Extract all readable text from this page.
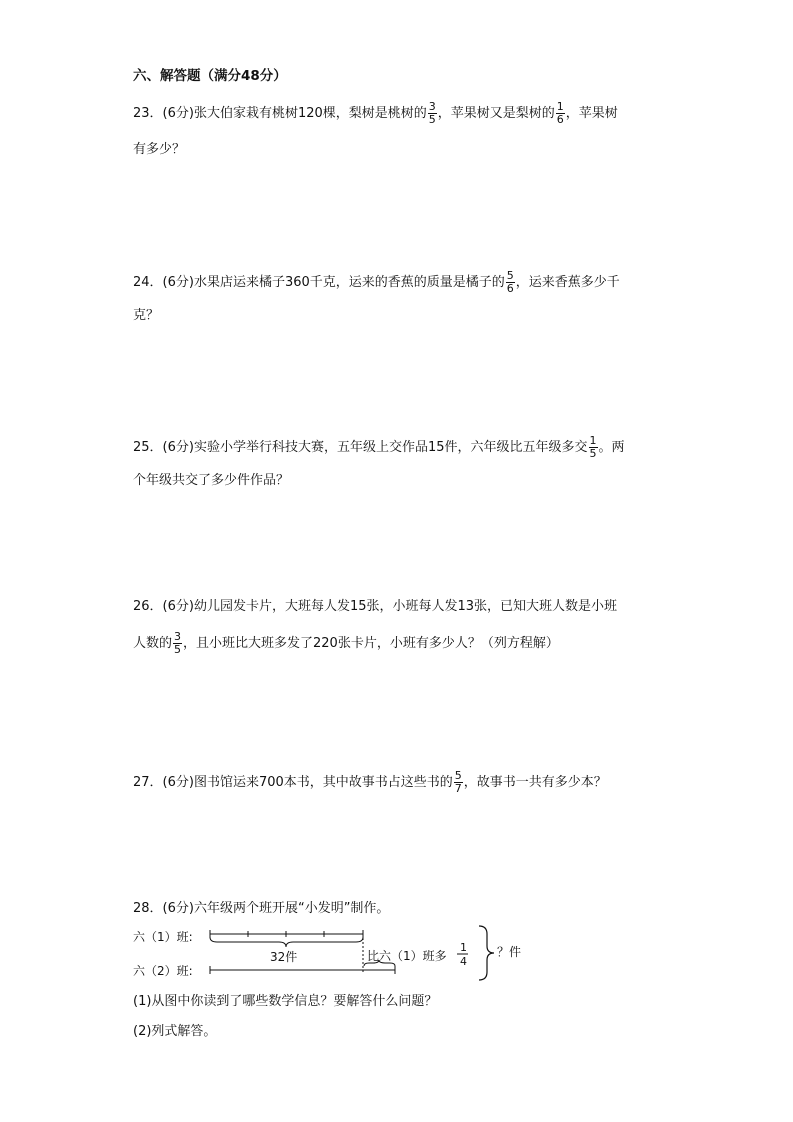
六、解答题（满分48分）
23．(6分)张大伯家栽有桃树120棵，梨树是桃树的 $\frac{3}{5}$ ，苹果树又是梨树的 $\frac{1}{6}$ ，苹果树
有多少？
24．(6分)水果店运来橘子360千克，运来的香蕉的质量是橘子的 $\frac{5}{6}$ ，运来香蕉多少千
克？
25．(6分)实验小学举行科技大赛，五年级上交作品15件，六年级比五年级多交 $\frac{1}{5}$ 。两
个年级共交了多少件作品？
26．(6分)幼儿园发卡片，大班每人发15张，小班每人发13张，已知大班人数是小班
人数的 $\frac{3}{5}$ ，且小班比大班多发了220张卡片，小班有多少人？（列方程解）
27．(6分)图书馆运来700本书，其中故事书占这些书的 $\frac{5}{7}$ ，故事书一共有多少本？
28．(6分)六年级两个班开展“小发明”制作。
六（1）班:
六（2）班:
32件	比六（1）班多
1
4
？件
(1)从图中你读到了哪些数学信息？要解答什么问题？
(2)列式解答。
